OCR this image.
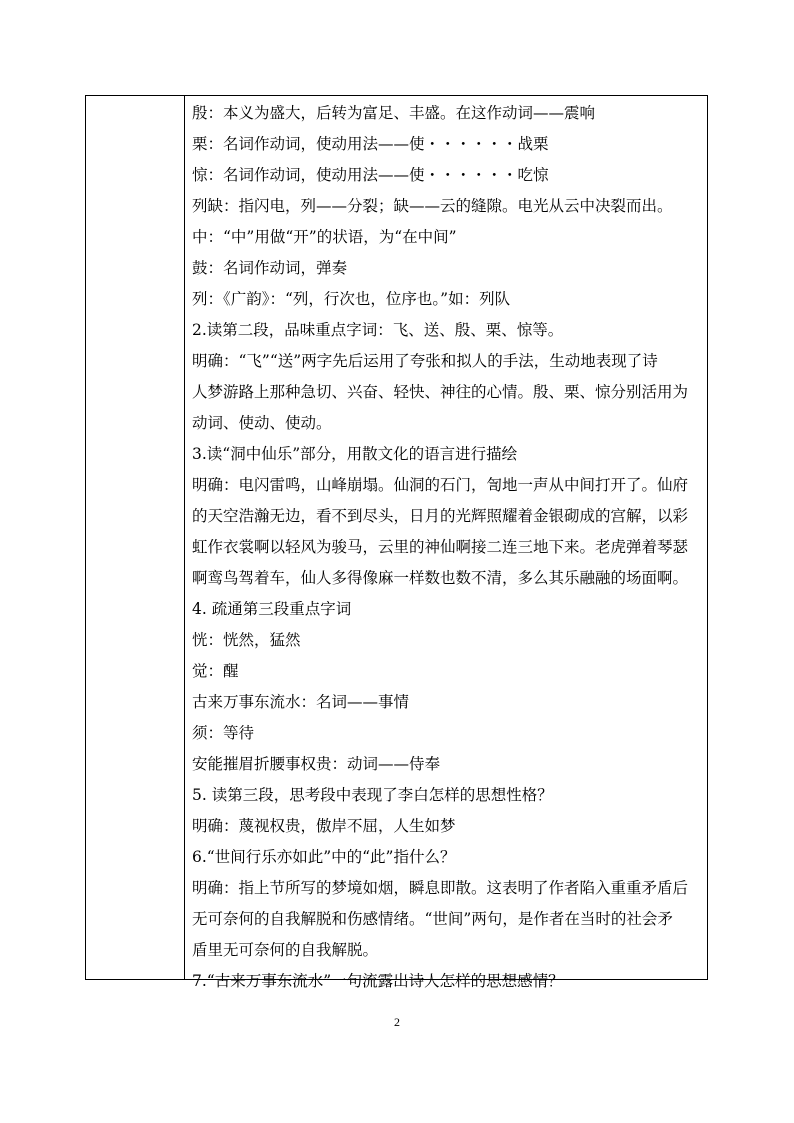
殷：本义为盛大，后转为富足、丰盛。在这作动词——震响
栗：名词作动词，使动用法——使・・・・・・战栗
惊：名词作动词，使动用法——使・・・・・・吃惊
列缺：指闪电，列——分裂；缺——云的缝隙。电光从云中决裂而出。
中：“中”用做“开”的状语，为“在中间”
鼓：名词作动词，弹奏
列：《广韵》：“列，行次也，位序也。”如：列队
2.读第二段，品味重点字词：飞、送、殷、栗、惊等。
明确：“飞”“送”两字先后运用了夸张和拟人的手法，生动地表现了诗
人梦游路上那种急切、兴奋、轻快、神往的心情。殷、栗、惊分别活用为
动词、使动、使动。
3.读“洞中仙乐”部分，用散文化的语言进行描绘
明确：电闪雷鸣，山峰崩塌。仙洞的石门，訇地一声从中间打开了。仙府
的天空浩瀚无边，看不到尽头，日月的光辉照耀着金银砌成的宫解，以彩
虹作衣裳啊以轻风为骏马，云里的神仙啊接二连三地下来。老虎弹着琴瑟
啊鸾鸟驾着车，仙人多得像麻一样数也数不清，多么其乐融融的场面啊。
4. 疏通第三段重点字词
恍：恍然，猛然
觉：醒
古来万事东流水：名词——事情
须：等待
安能摧眉折腰事权贵：动词——侍奉
5. 读第三段，思考段中表现了李白怎样的思想性格？
明确：蔑视权贵，傲岸不屈，人生如梦
6.“世间行乐亦如此”中的“此”指什么？
明确：指上节所写的梦境如烟，瞬息即散。这表明了作者陷入重重矛盾后
无可奈何的自我解脱和伤感情绪。“世间”两句，是作者在当时的社会矛
盾里无可奈何的自我解脱。
7.“古来万事东流水”一句流露出诗人怎样的思想感情？
2
